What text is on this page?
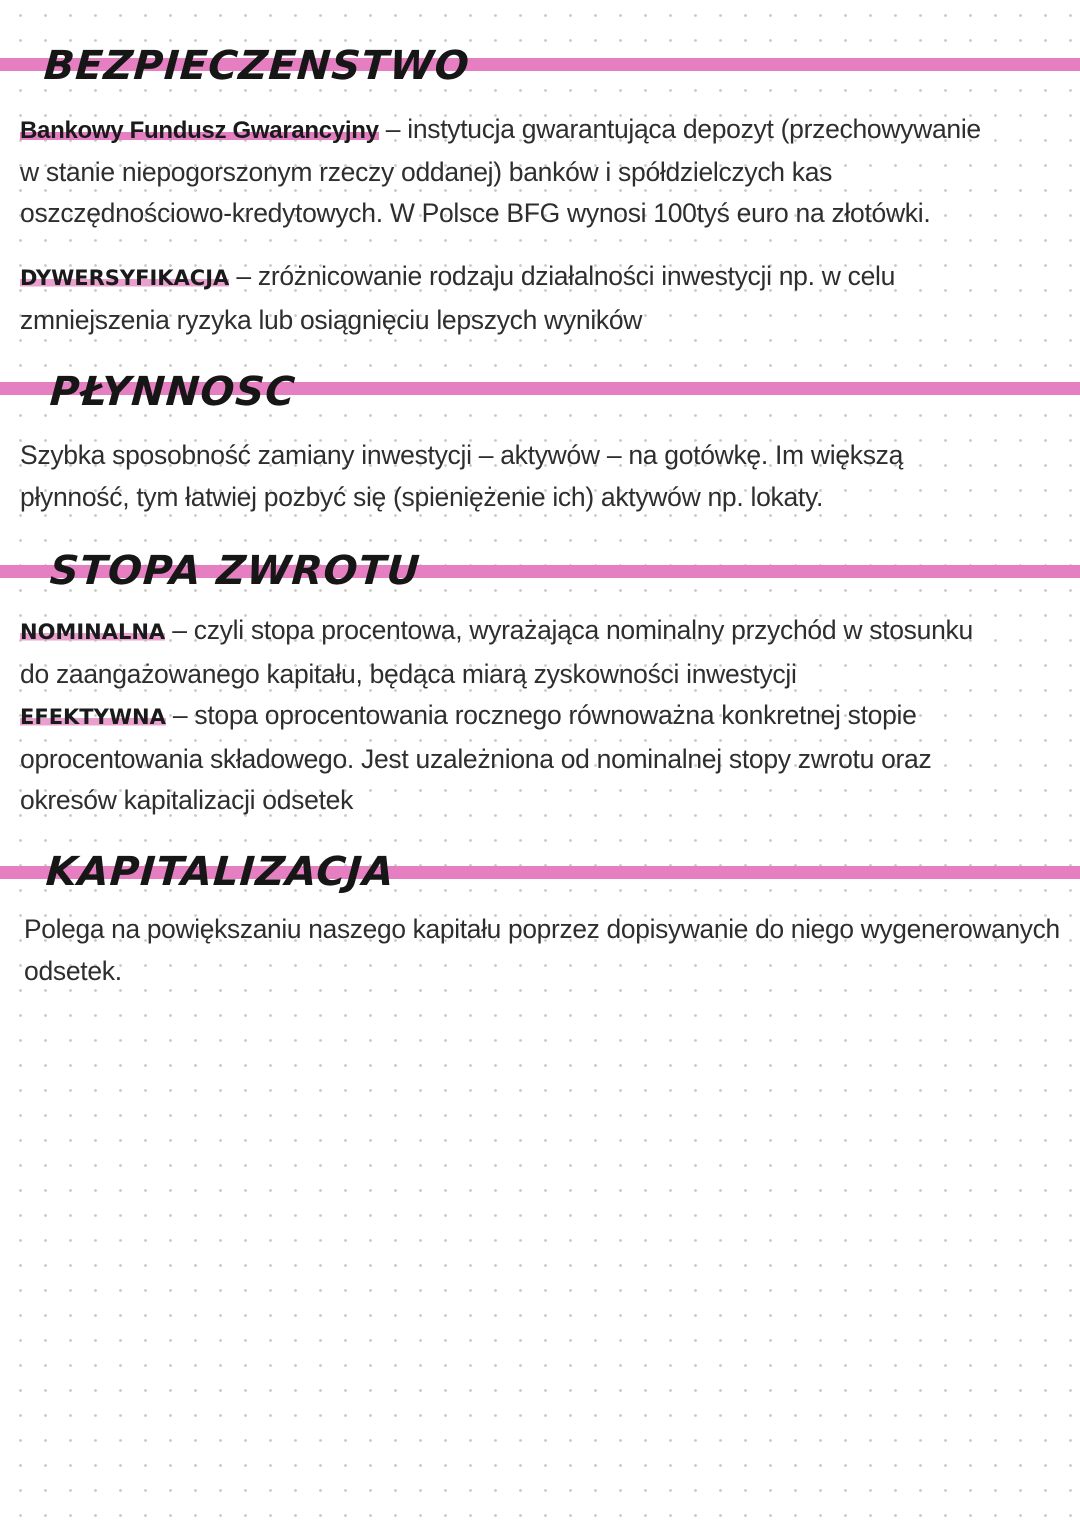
BEZPIECZENSTWO

Bankowy Fundusz Gwarancyjny – instytucja gwarantująca depozyt (przechowywanie
w stanie niepogorszonym rzeczy oddanej) banków i spółdzielczych kas
oszczędnościowo-kredytowych. W Polsce BFG wynosi 100tyś euro na złotówki.

DYWERSYFIKACJA – zróżnicowanie rodzaju działalności inwestycji np. w celu
zmniejszenia ryzyka lub osiągnięciu lepszych wyników

PŁYNNOSC

Szybka sposobność zamiany inwestycji – aktywów – na gotówkę. Im większą
płynność, tym łatwiej pozbyć się (spieniężenie ich) aktywów np. lokaty.

STOPA ZWROTU

NOMINALNA – czyli stopa procentowa, wyrażająca nominalny przychód w stosunku
do zaangażowanego kapitału, będąca miarą zyskowności inwestycji
EFEKTYWNA – stopa oprocentowania rocznego równoważna konkretnej stopie
oprocentowania składowego. Jest uzależniona od nominalnej stopy zwrotu oraz
okresów kapitalizacji odsetek

KAPITALIZACJA

Polega na powiększaniu naszego kapitału poprzez dopisywanie do niego wygenerowanych
odsetek.
